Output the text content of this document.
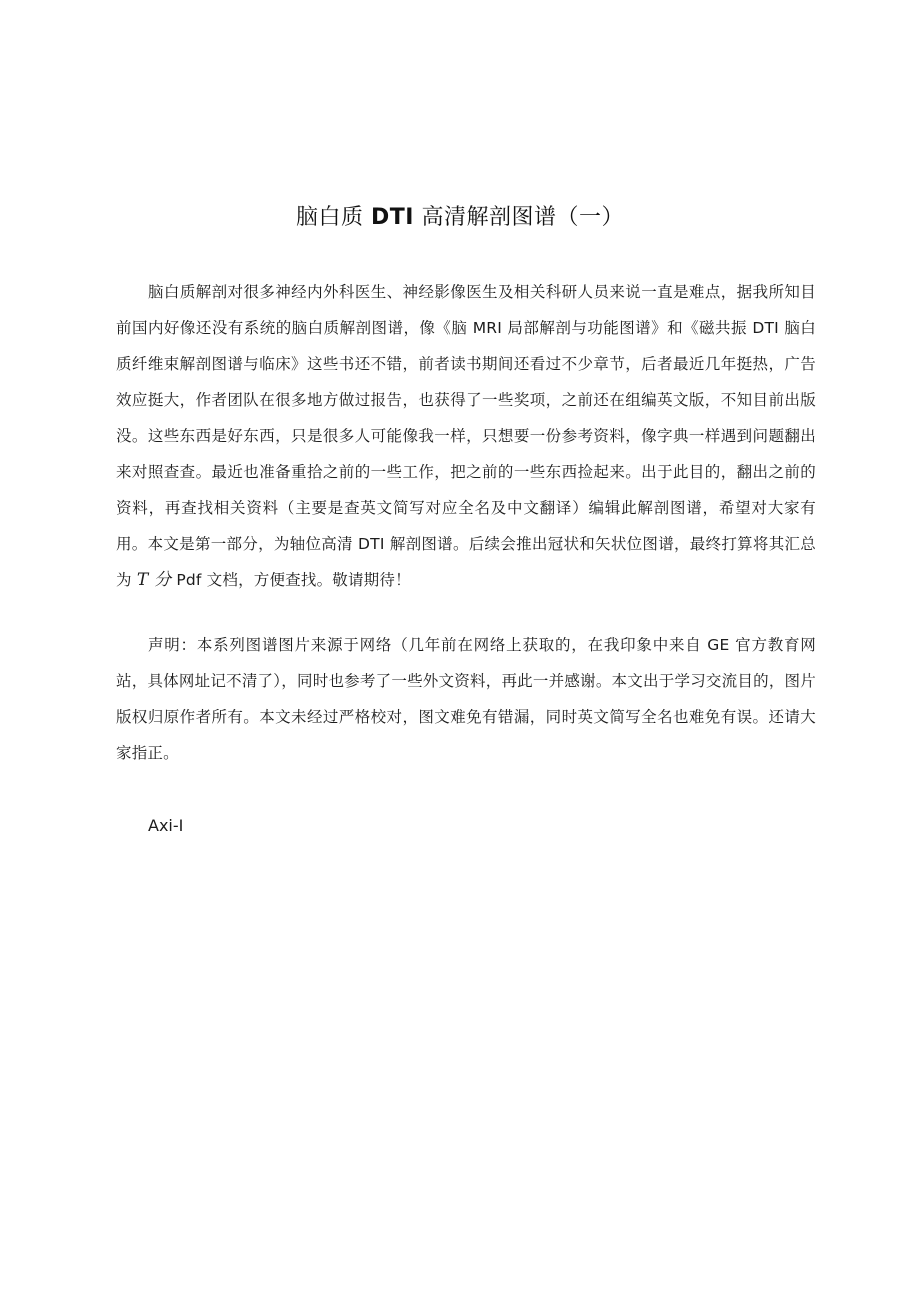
脑白质 DTI 高清解剖图谱（一）

脑白质解剖对很多神经内外科医生、神经影像医生及相关科研人员来说一直是难点，据我所知目前国内好像还没有系统的脑白质解剖图谱，像《脑 MRI 局部解剖与功能图谱》和《磁共振 DTI 脑白质纤维束解剖图谱与临床》这些书还不错，前者读书期间还看过不少章节，后者最近几年挺热，广告效应挺大，作者团队在很多地方做过报告，也获得了一些奖项，之前还在组编英文版，不知目前出版没。这些东西是好东西，只是很多人可能像我一样，只想要一份参考资料，像字典一样遇到问题翻出来对照查查。最近也准备重拾之前的一些工作，把之前的一些东西捡起来。出于此目的，翻出之前的资料，再查找相关资料（主要是查英文简写对应全名及中文翻译）编辑此解剖图谱，希望对大家有用。本文是第一部分，为轴位高清 DTI 解剖图谱。后续会推出冠状和矢状位图谱，最终打算将其汇总为 T 分 Pdf 文档，方便查找。敬请期待！

声明：本系列图谱图片来源于网络（几年前在网络上获取的，在我印象中来自 GE 官方教育网站，具体网址记不清了），同时也参考了一些外文资料，再此一并感谢。本文出于学习交流目的，图片版权归原作者所有。本文未经过严格校对，图文难免有错漏，同时英文简写全名也难免有误。还请大家指正。

Axi-I
